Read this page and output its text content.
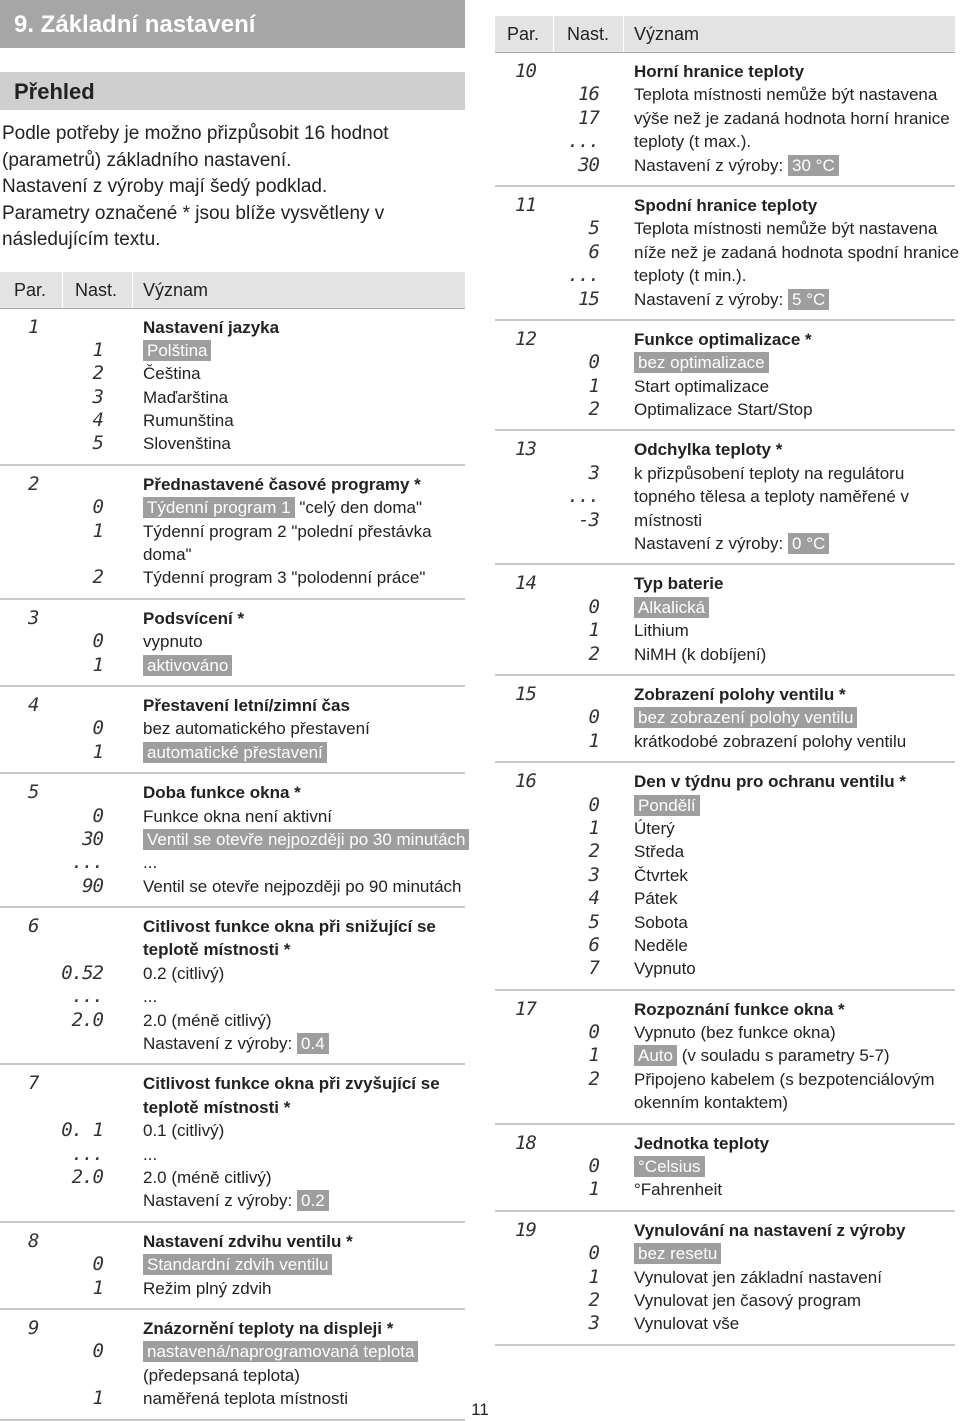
9. Základní nastavení
Přehled
Podle potřeby je možno přizpůsobit 16 hodnot
(parametrů) základního nastavení.
Nastavení z výroby mají šedý podklad.
Parametry označené * jsou blíže vysvětleny v
následujícím textu.
Par. Nast. Význam
1	Nastavení jazyka
1	Polština
2 Čeština
3 Maďarština
4 Rumunština
5 Slovenština
2	Přednastavené časové programy *
0	Týdenní program 1 "celý den doma"
1 Týdenní program 2 "polední přestávka
doma"
2 Týdenní program 3 "polodenní práce"
3	Podsvícení *
0 vypnuto
1	aktivováno
4	Přestavení letní/zimní čas
0 bez automatického přestavení
1	automatické přestavení
5	Doba funkce okna *
0 Funkce okna není aktivní
30	Ventil se otevře nejpozději po 30 minutách
... ...
90 Ventil se otevře nejpozději po 90 minutách
6	Citlivost funkce okna při snižující se
teplotě místnosti *
0.52 0.2 (citlivý)
... ...
2.0 2.0 (méně citlivý)
Nastavení z výroby: 0.4
7	Citlivost funkce okna při zvyšující se
teplotě místnosti *
0. 1 0.1 (citlivý)
... ...
2.0 2.0 (méně citlivý)
Nastavení z výroby: 0.2
8	Nastavení zdvihu ventilu *
0	Standardní zdvih ventilu
1 Režim plný zdvih
9	Znázornění teploty na displeji *
0	nastavená/naprogramovaná teplota
(předepsaná teplota)
1 naměřená teplota místnosti
Par. Nast. Význam
10	Horní hranice teploty
16 Teplota místnosti nemůže být nastavena
17 výše než je zadaná hodnota horní hranice
... teploty (t max.).
30 Nastavení z výroby: 30 °C
11	Spodní hranice teploty
5 Teplota místnosti nemůže být nastavena
6 níže než je zadaná hodnota spodní hranice
... teploty (t min.).
15 Nastavení z výroby: 5 °C
12	Funkce optimalizace *
0 bez optimalizace
1 Start optimalizace
2 Optimalizace Start/Stop
13	Odchylka teploty *
3 k přizpůsobení teploty na regulátoru
... topného tělesa a teploty naměřené v
-3 místnosti
Nastavení z výroby: 0 °C
14	Typ baterie
0 Alkalická
1 Lithium
2 NiMH (k dobíjení)
15	Zobrazení polohy ventilu *
0 bez zobrazení polohy ventilu
1 krátkodobé zobrazení polohy ventilu
16	Den v týdnu pro ochranu ventilu *
0 Pondělí
1 Úterý
2 Středa
3 Čtvrtek
4 Pátek
5 Sobota
6 Neděle
7 Vypnuto
17	Rozpoznání funkce okna *
0 Vypnuto (bez funkce okna)
1 Auto (v souladu s parametry 5-7)
2 Připojeno kabelem (s bezpotenciálovým
okenním kontaktem)
18	Jednotka teploty
0 °Celsius
1 °Fahrenheit
19	Vynulování na nastavení z výroby
0 bez resetu
1 Vynulovat jen základní nastavení
2 Vynulovat jen časový program
3 Vynulovat vše
11
